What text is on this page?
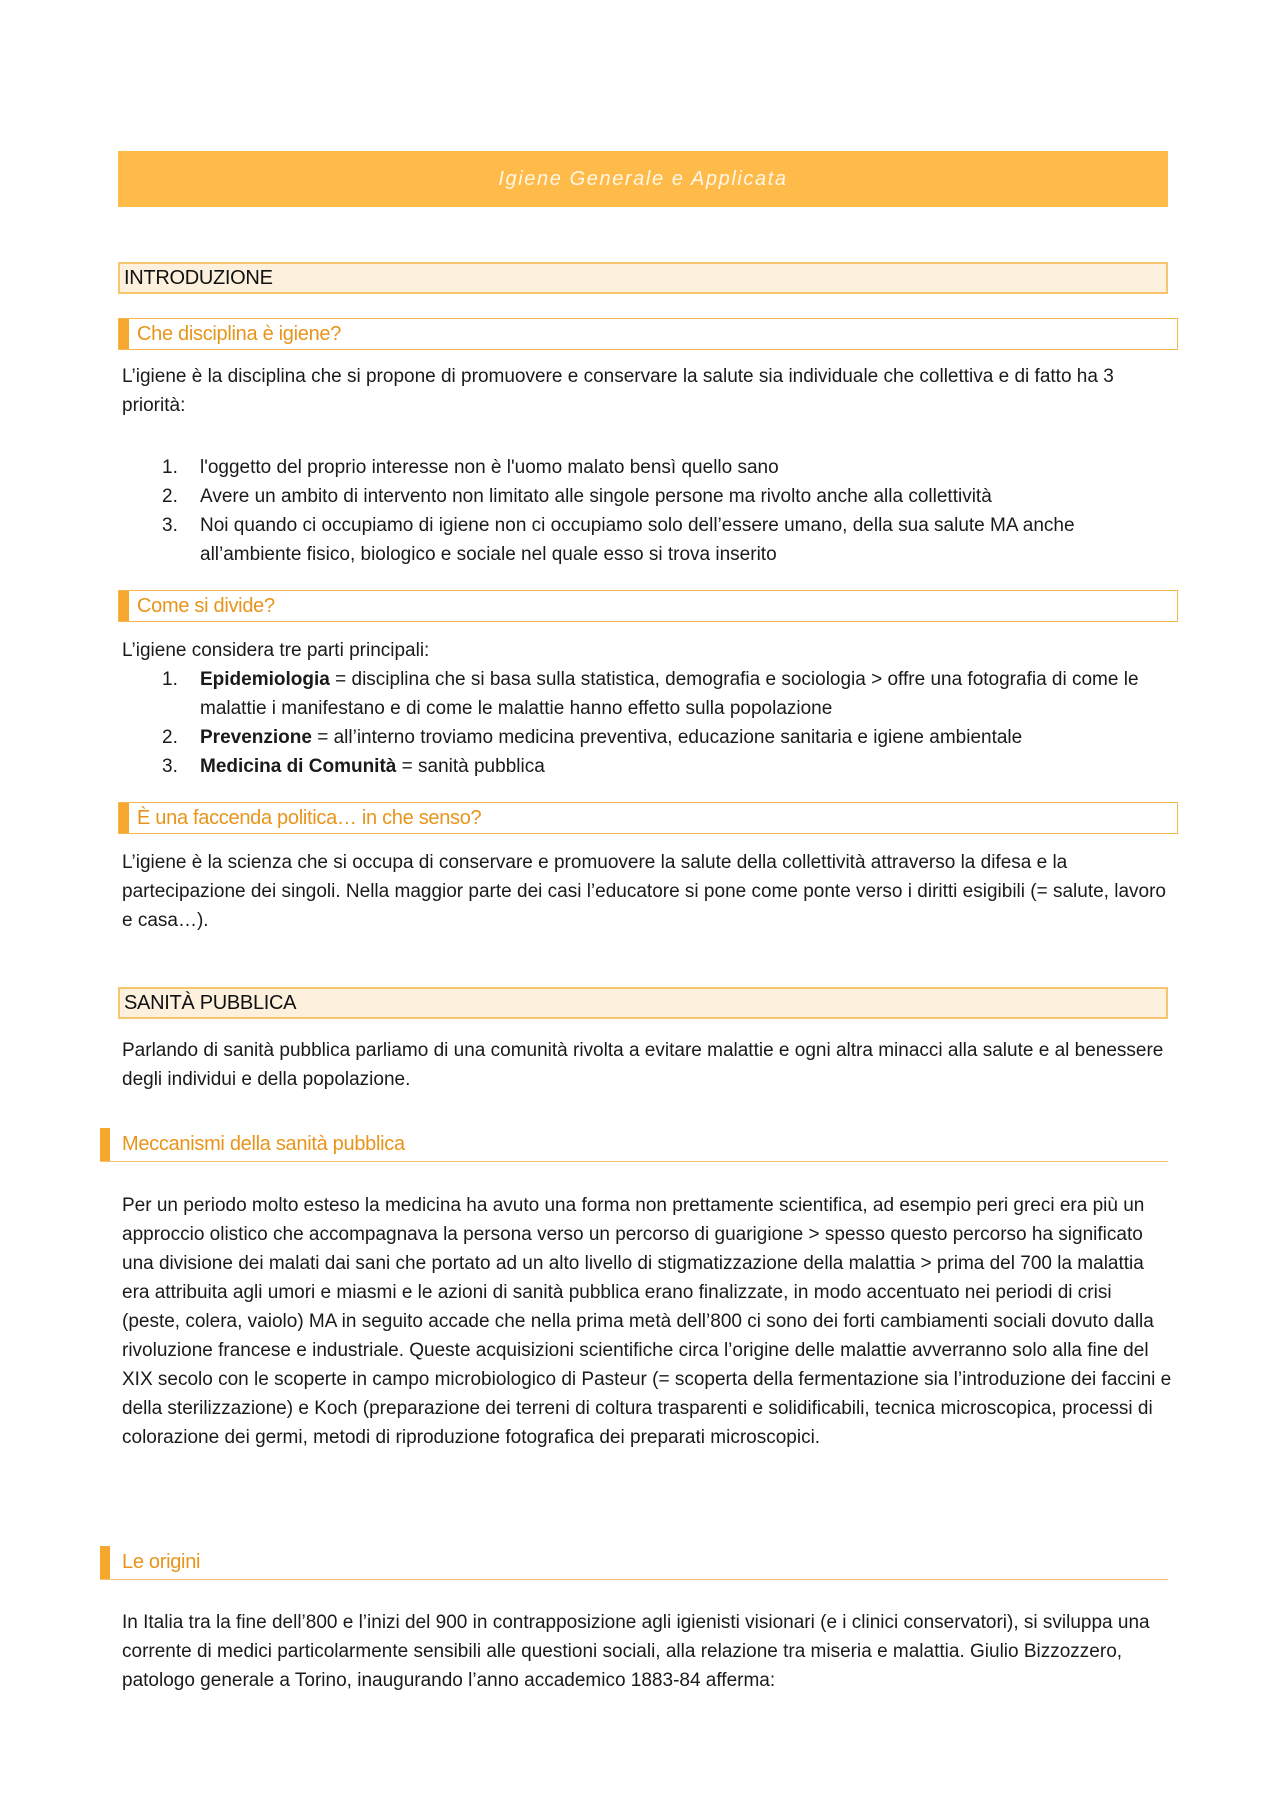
Igiene Generale e Applicata
INTRODUZIONE
Che disciplina è igiene?

L’igiene è la disciplina che si propone di promuovere e conservare la salute sia individuale che collettiva e di fatto ha 3 priorità:

1. l'oggetto del proprio interesse non è l'uomo malato bensì quello sano
2. Avere un ambito di intervento non limitato alle singole persone ma rivolto anche alla collettività
3. Noi quando ci occupiamo di igiene non ci occupiamo solo dell’essere umano, della sua salute MA anche all’ambiente fisico, biologico e sociale nel quale esso si trova inserito
Come si divide?

L’igiene considera tre parti principali:

1. Epidemiologia = disciplina che si basa sulla statistica, demografia e sociologia > offre una fotografia di come le malattie i manifestano e di come le malattie hanno effetto sulla popolazione
2. Prevenzione = all’interno troviamo medicina preventiva, educazione sanitaria e igiene ambientale
3. Medicina di Comunità = sanità pubblica
È una faccenda politica… in che senso?

L’igiene è la scienza che si occupa di conservare e promuovere la salute della collettività attraverso la difesa e la partecipazione dei singoli. Nella maggior parte dei casi l’educatore si pone come ponte verso i diritti esigibili (= salute, lavoro e casa…).

SANITÀ PUBBLICA

Parlando di sanità pubblica parliamo di una comunità rivolta a evitare malattie e ogni altra minacci alla salute e al benessere degli individui e della popolazione.

Meccanismi della sanità pubblica

Per un periodo molto esteso la medicina ha avuto una forma non prettamente scientifica, ad esempio peri greci era più un approccio olistico che accompagnava la persona verso un percorso di guarigione > spesso questo percorso ha significato una divisione dei malati dai sani che portato ad un alto livello di stigmatizzazione della malattia > prima del 700 la malattia era attribuita agli umori e miasmi e le azioni di sanità pubblica erano finalizzate, in modo accentuato nei periodi di crisi (peste, colera, vaiolo) MA in seguito accade che nella prima metà dell’800 ci sono dei forti cambiamenti sociali dovuto dalla rivoluzione francese e industriale. Queste acquisizioni scientifiche circa l’origine delle malattie avverranno solo alla fine del XIX secolo con le scoperte in campo microbiologico di Pasteur (= scoperta della fermentazione sia l’introduzione dei faccini e della sterilizzazione) e Koch (preparazione dei terreni di coltura trasparenti e solidificabili, tecnica microscopica, processi di colorazione dei germi, metodi di riproduzione fotografica dei preparati microscopici.

Le origini

In Italia tra la fine dell’800 e l’inizi del 900 in contrapposizione agli igienisti visionari (e i clinici conservatori), si sviluppa una corrente di medici particolarmente sensibili alle questioni sociali, alla relazione tra miseria e malattia. Giulio Bizzozzero, patologo generale a Torino, inaugurando l’anno accademico 1883-84 afferma:
